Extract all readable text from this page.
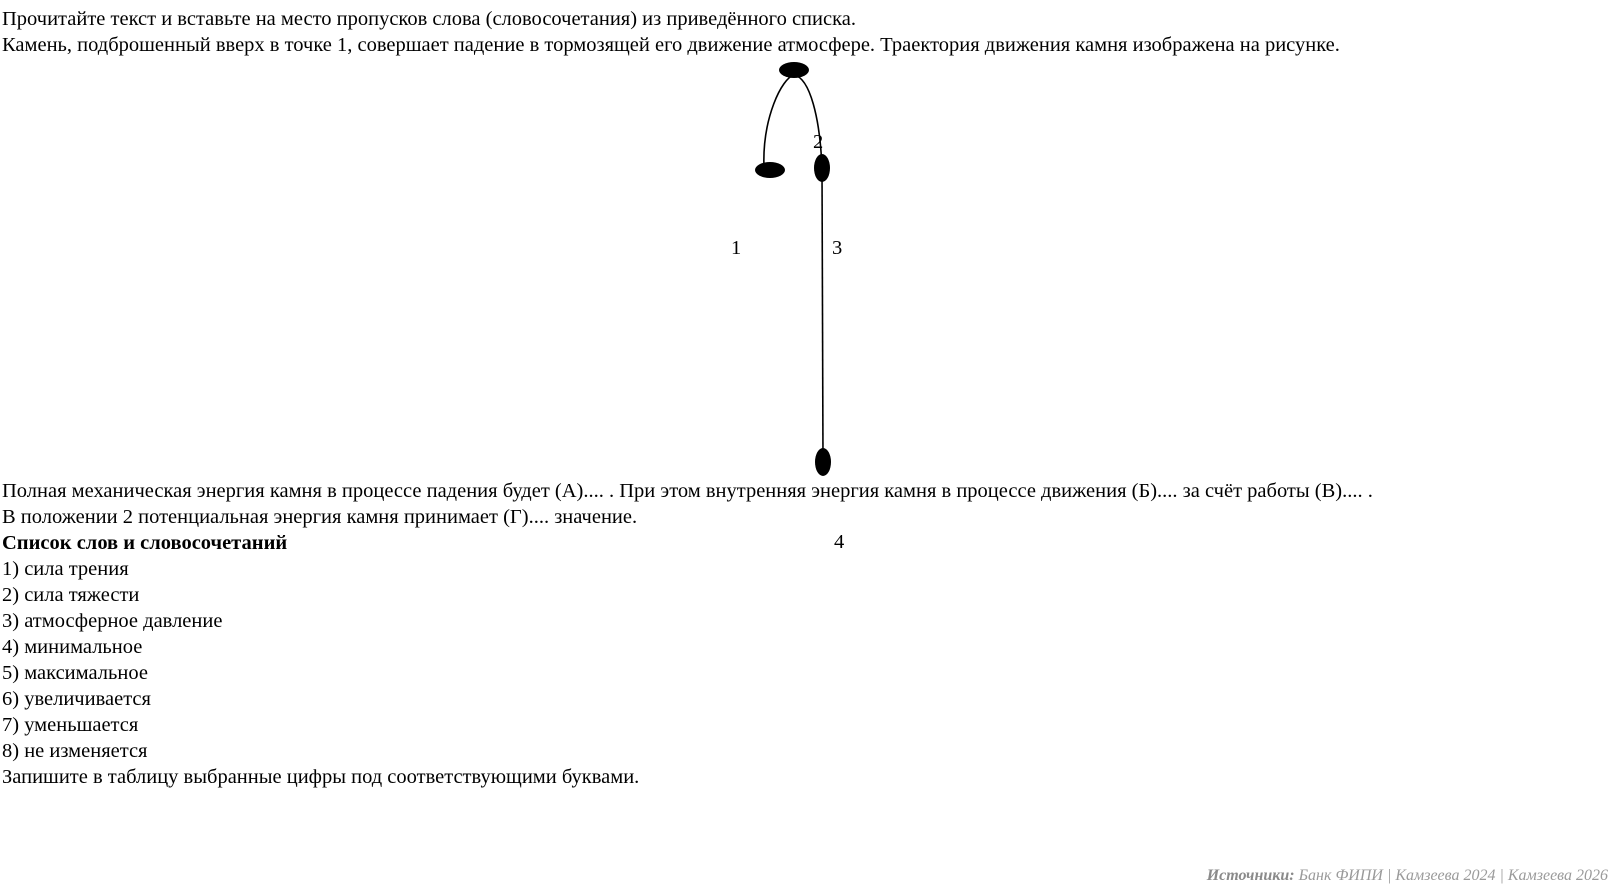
Прочитайте текст и вставьте на место пропусков слова (словосочетания) из приведённого списка.
Камень, подброшенный вверх в точке 1, совершает падение в тормозящей его движение атмосфере. Траектория движения камня изображена на рисунке.
1
2
3
4
Полная механическая энергия камня в процессе падения будет (А).... . При этом внутренняя энергия камня в процессе движения (Б).... за счёт работы (В).... .
В положении 2 потенциальная энергия камня принимает (Г).... значение.
Список слов и словосочетаний
1) сила трения
2) сила тяжести
3) атмосферное давление
4) минимальное
5) максимальное
6) увеличивается
7) уменьшается
8) не изменяется
Запишите в таблицу выбранные цифры под соответствующими буквами.
Источники: Банк ФИПИ | Камзеева 2024 | Камзеева 2026
